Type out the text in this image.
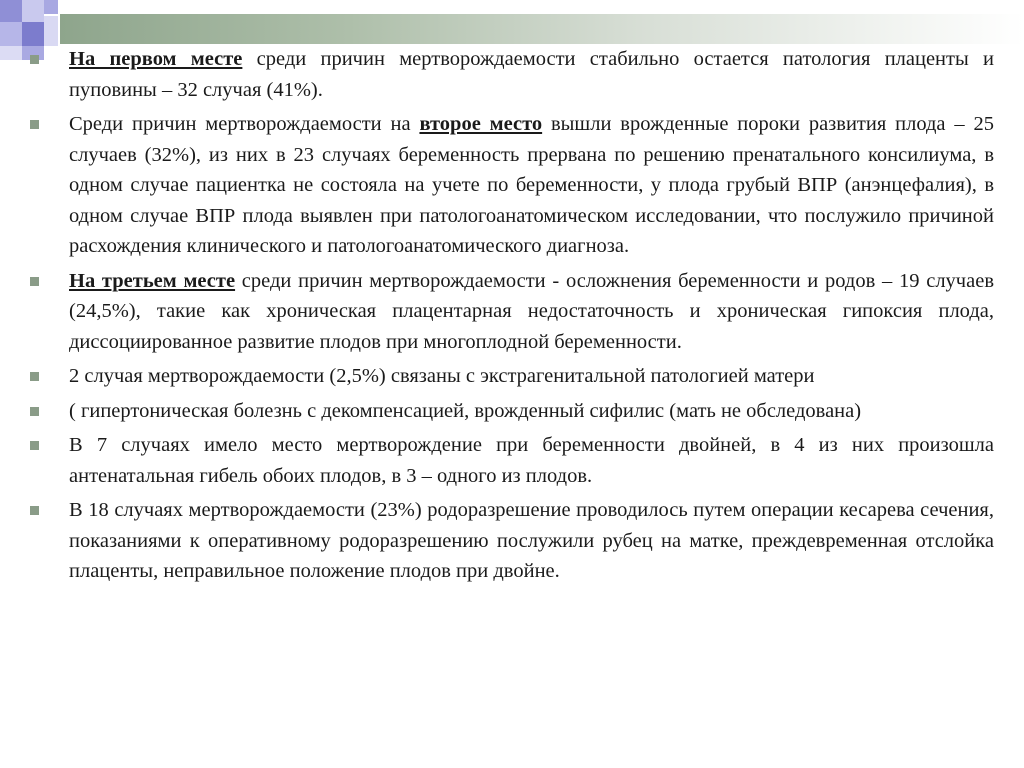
На первом месте среди причин мертворождаемости стабильно остается патология плаценты и пуповины – 32 случая (41%).
Среди причин мертворождаемости на второе место вышли врожденные пороки развития плода – 25 случаев (32%), из них в 23 случаях беременность прервана по решению пренатального консилиума, в одном случае пациентка не состояла на учете по беременности, у плода грубый ВПР (анэнцефалия), в одном случае ВПР плода выявлен при патологоанатомическом исследовании, что послужило причиной расхождения клинического и патологоанатомического диагноза.
На третьем месте среди причин мертворождаемости - осложнения беременности и родов – 19 случаев (24,5%), такие как хроническая плацентарная недостаточность и хроническая гипоксия плода, диссоциированное развитие плодов при многоплодной беременности.
2 случая мертворождаемости (2,5%) связаны с экстрагенитальной патологией матери
( гипертоническая болезнь с декомпенсацией, врожденный сифилис (мать не обследована)
В 7 случаях имело место мертворождение при беременности двойней, в 4 из них произошла антенатальная гибель обоих плодов, в 3 – одного из плодов.
В 18 случаях мертворождаемости (23%) родоразрешение проводилось путем операции кесарева сечения, показаниями к оперативному родоразрешению послужили рубец на матке, преждевременная отслойка плаценты, неправильное положение плодов при двойне.
